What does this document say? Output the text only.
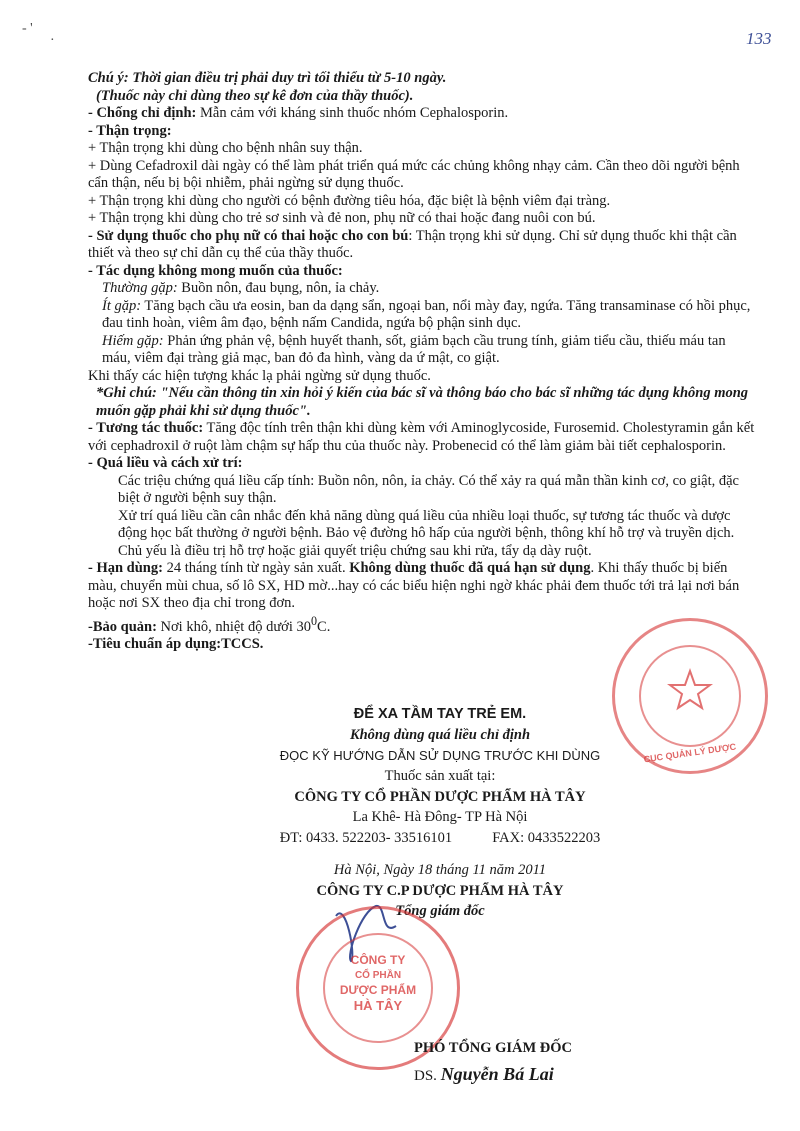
- '
·	133

Chú ý: Thời gian điều trị phải duy trì tối thiểu từ 5-10 ngày.

(Thuốc này chỉ dùng theo sự kê đơn của thầy thuốc).

- Chống chỉ định: Mẫn cảm với kháng sinh thuốc nhóm Cephalosporin.

- Thận trọng:

+ Thận trọng khi dùng cho bệnh nhân suy thận.

+ Dùng Cefadroxil dài ngày có thể làm phát triển quá mức các chủng không nhạy cảm. Cần theo dõi người bệnh cẩn thận, nếu bị bội nhiễm, phải ngừng sử dụng thuốc.

+ Thận trọng khi dùng cho người có bệnh đường tiêu hóa, đặc biệt là bệnh viêm đại tràng.

+ Thận trọng khi dùng cho trẻ sơ sinh và đẻ non, phụ nữ có thai hoặc đang nuôi con bú.

- Sử dụng thuốc cho phụ nữ có thai hoặc cho con bú: Thận trọng khi sử dụng. Chỉ sử dụng thuốc khi thật cần thiết và theo sự chỉ dẫn cụ thể của thầy thuốc.

- Tác dụng không mong muốn của thuốc:

Thường gặp: Buồn nôn, đau bụng, nôn, ỉa chảy.

Ít gặp: Tăng bạch cầu ưa eosin, ban da dạng sẩn, ngoại ban, nổi mày đay, ngứa. Tăng transaminase có hồi phục, đau tinh hoàn, viêm âm đạo, bệnh nấm Candida, ngứa bộ phận sinh dục.

Hiếm gặp: Phản ứng phản vệ, bệnh huyết thanh, sốt, giảm bạch cầu trung tính, giảm tiểu cầu, thiếu máu tan máu, viêm đại tràng giả mạc, ban đỏ đa hình, vàng da ứ mật, co giật.

Khi thấy các hiện tượng khác lạ phải ngừng sử dụng thuốc.

*Ghi chú: "Nếu cần thông tin xin hỏi ý kiến của bác sĩ và thông báo cho bác sĩ những tác dụng không mong muốn gặp phải khi sử dụng thuốc".

- Tương tác thuốc: Tăng độc tính trên thận khi dùng kèm với Aminoglycoside, Furosemid. Cholestyramin gắn kết với cephadroxil ở ruột làm chậm sự hấp thu của thuốc này. Probenecid có thể làm giảm bài tiết cephalosporin.

- Quá liều và cách xử trí:

Các triệu chứng quá liều cấp tính: Buồn nôn, nôn, ỉa chảy. Có thể xảy ra quá mẫn thần kinh cơ, co giật, đặc biệt ở người bệnh suy thận.

Xử trí quá liều cần cân nhắc đến khả năng dùng quá liều của nhiều loại thuốc, sự tương tác thuốc và dược động học bất thường ở người bệnh. Bảo vệ đường hô hấp của người bệnh, thông khí hỗ trợ và truyền dịch. Chủ yếu là điều trị hỗ trợ hoặc giải quyết triệu chứng sau khi rửa, tẩy dạ dày ruột.

- Hạn dùng: 24 tháng tính từ ngày sản xuất. Không dùng thuốc đã quá hạn sử dụng. Khi thấy thuốc bị biến màu, chuyển mùi chua, số lô SX, HD mờ...hay có các biểu hiện nghi ngờ khác phải đem thuốc tới trả lại nơi bán hoặc nơi SX theo địa chỉ trong đơn.

-Bảo quản: Nơi khô, nhiệt độ dưới $30^0C$.

-Tiêu chuẩn áp dụng:TCCS.

ĐỂ XA TẦM TAY TRẺ EM.

Không dùng quá liều chỉ định

ĐỌC KỸ HƯỚNG DẪN SỬ DỤNG TRƯỚC KHI DÙNG

Thuốc sản xuất tại:

CÔNG TY CỔ PHẦN DƯỢC PHẨM HÀ TÂY

La Khê- Hà Đông- TP Hà Nội

ĐT: 0433. 522203- 33516101	FAX: 0433522203

Hà Nội, Ngày 18 tháng 11 năm 2011

CÔNG TY C.P DƯỢC PHẨM HÀ TÂY

Tổng giám đốc

CÔNG TY
CỔ PHẦN
DƯỢC PHẨM
HÀ TÂY
CỤC QUẢN LÝ DƯỢC
PHÓ TỔNG GIÁM ĐỐC
DS. Nguyễn Bá Lai
